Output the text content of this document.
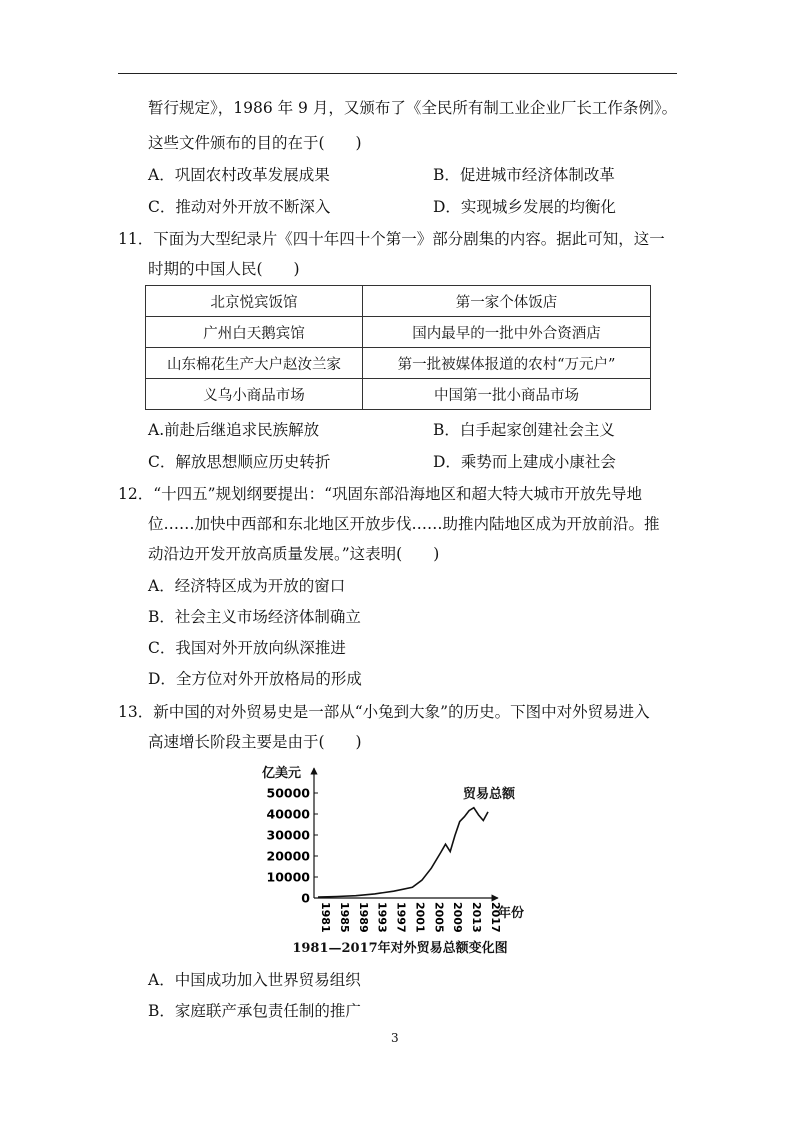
暂行规定》，1986 年 9 月，又颁布了《全民所有制工业企业厂长工作条例》。
这些文件颁布的目的在于(　　)
A．巩固农村改革发展成果	B．促进城市经济体制改革
C．推动对外开放不断深入	D．实现城乡发展的均衡化
11．下面为大型纪录片《四十年四十个第一》部分剧集的内容。据此可知，这一
时期的中国人民(　　)
北京悦宾饭馆	第一家个体饭店
广州白天鹅宾馆	国内最早的一批中外合资酒店
山东棉花生产大户赵汝兰家	第一批被媒体报道的农村“万元户”
义乌小商品市场	中国第一批小商品市场
A.前赴后继追求民族解放	B．白手起家创建社会主义
C．解放思想顺应历史转折	D．乘势而上建成小康社会
12．“十四五”规划纲要提出：“巩固东部沿海地区和超大特大城市开放先导地
位……加快中西部和东北地区开放步伐……助推内陆地区成为开放前沿。推
动沿边开发开放高质量发展。”这表明(　　)
A．经济特区成为开放的窗口
B．社会主义市场经济体制确立
C．我国对外开放向纵深推进
D．全方位对外开放格局的形成
13．新中国的对外贸易史是一部从“小兔到大象”的历史。下图中对外贸易进入
高速增长阶段主要是由于(　　)
亿美元
0
10000
20000
30000
40000
50000
1981 1985 1989 1993 1997 2001 2005 2009 2013 2017
贸易总额
年份
1981—2017年对外贸易总额变化图
A．中国成功加入世界贸易组织
B．家庭联产承包责任制的推广
3
